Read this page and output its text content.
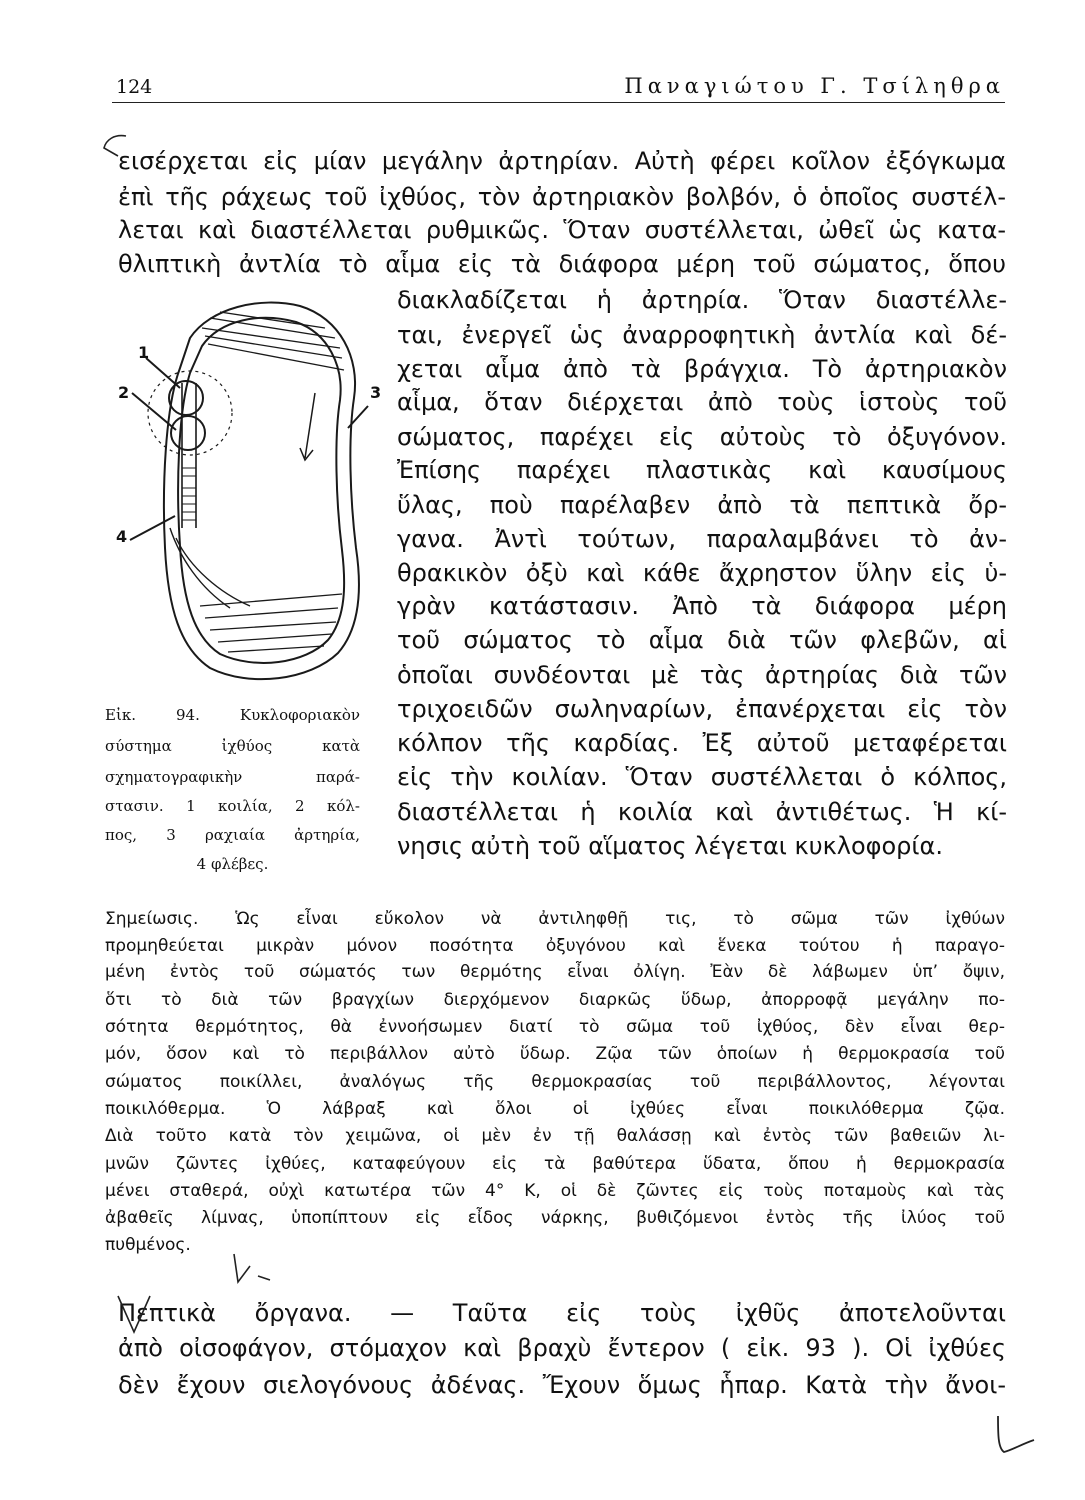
124	Παναγιώτου Γ. Τσίληθρα
εισέρχεται εἰς μίαν μεγάλην ἀρτηρίαν. Αὐτὴ φέρει κοῖλον ἐξόγκωμα
ἐπὶ τῆς ράχεως τοῦ ἰχθύος, τὸν ἀρτηριακὸν βολβόν, ὁ ὁποῖος συστέλ-
λεται καὶ διαστέλλεται ρυθμικῶς. Ὅταν συστέλλεται, ὠθεῖ ὡς κατα-
θλιπτικὴ ἀντλία τὸ αἷμα εἰς τὰ διάφορα μέρη τοῦ σώματος, ὅπου
διακλαδίζεται ἡ ἀρτηρία. Ὅταν διαστέλλε-
ται, ἐνεργεῖ ὡς ἀναρροφητικὴ ἀντλία καὶ δέ-
χεται αἷμα ἀπὸ τὰ βράγχια. Τὸ ἀρτηριακὸν
αἷμα, ὅταν διέρχεται ἀπὸ τοὺς ἱστοὺς τοῦ
σώματος, παρέχει εἰς αὐτοὺς τὸ ὀξυγόνον.
Ἐπίσης παρέχει πλαστικὰς καὶ καυσίμους
ὕλας, ποὺ παρέλαβεν ἀπὸ τὰ πεπτικὰ ὄρ-
γανα. Ἀντὶ τούτων, παραλαμβάνει τὸ ἀν-
θρακικὸν ὀξὺ καὶ κάθε ἄχρηστον ὕλην εἰς ὑ-
γρὰν κατάστασιν. Ἀπὸ τὰ διάφορα μέρη
τοῦ σώματος τὸ αἷμα διὰ τῶν φλεβῶν, αἱ
ὁποῖαι συνδέονται μὲ τὰς ἀρτηρίας διὰ τῶν
τριχοειδῶν σωληναρίων, ἐπανέρχεται εἰς τὸν
κόλπον τῆς καρδίας. Ἐξ αὐτοῦ μεταφέρεται
εἰς τὴν κοιλίαν. Ὅταν συστέλλεται ὁ κόλπος,
διαστέλλεται ἡ κοιλία καὶ ἀντιθέτως. Ἡ κί-
νησις αὐτὴ τοῦ αἵματος λέγεται κυκλοφορία.
1
2	3
4
Εἰκ. 94. Κυκλοφοριακὸν
σύστημα ἰχθύος κατὰ
σχηματογραφικὴν παρά-
στασιν. 1 κοιλία, 2 κόλ-
πος, 3 ραχιαία ἀρτηρία,
4 φλέβες.
Σημείωσις. Ὡς εἶναι εὔκολον νὰ ἀντιληφθῇ τις, τὸ σῶμα τῶν ἰχθύων
προμηθεύεται μικρὰν μόνον ποσότητα ὀξυγόνου καὶ ἕνεκα τούτου ἡ παραγο-
μένη ἐντὸς τοῦ σώματός των θερμότης εἶναι ὀλίγη. Ἐὰν δὲ λάβωμεν ὑπ’ ὄψιν,
ὅτι τὸ διὰ τῶν βραγχίων διερχόμενον διαρκῶς ὕδωρ, ἀπορροφᾷ μεγάλην πο-
σότητα θερμότητος, θὰ ἐννοήσωμεν διατί τὸ σῶμα τοῦ ἰχθύος, δὲν εἶναι θερ-
μόν, ὅσον καὶ τὸ περιβάλλον αὐτὸ ὕδωρ. Ζῷα τῶν ὁποίων ἡ θερμοκρασία τοῦ
σώματος ποικίλλει, ἀναλόγως τῆς θερμοκρασίας τοῦ περιβάλλοντος, λέγονται
ποικιλόθερμα. Ὁ λάβραξ καὶ ὅλοι οἱ ἰχθύες εἶναι ποικιλόθερμα ζῷα.
Διὰ τοῦτο κατὰ τὸν χειμῶνα, οἱ μὲν ἐν τῇ θαλάσσῃ καὶ ἐντὸς τῶν βαθειῶν λι-
μνῶν ζῶντες ἰχθύες, καταφεύγουν εἰς τὰ βαθύτερα ὕδατα, ὅπου ἡ θερμοκρασία
μένει σταθερά, οὐχὶ κατωτέρα τῶν 4° Κ, οἱ δὲ ζῶντες εἰς τοὺς ποταμοὺς καὶ τὰς
ἀβαθεῖς λίμνας, ὑποπίπτουν εἰς εἶδος νάρκης, βυθιζόμενοι ἐντὸς τῆς ἰλύος τοῦ
πυθμένος.
Πεπτικὰ ὄργανα. — Ταῦτα εἰς τοὺς ἰχθῦς ἀποτελοῦνται
ἀπὸ οἰσοφάγον, στόμαχον καὶ βραχὺ ἔντερον ( εἰκ. 93 ). Οἱ ἰχθύες
δὲν ἔχουν σιελογόνους ἀδένας. Ἔχουν ὅμως ἧπαρ. Κατὰ τὴν ἄνοι-
